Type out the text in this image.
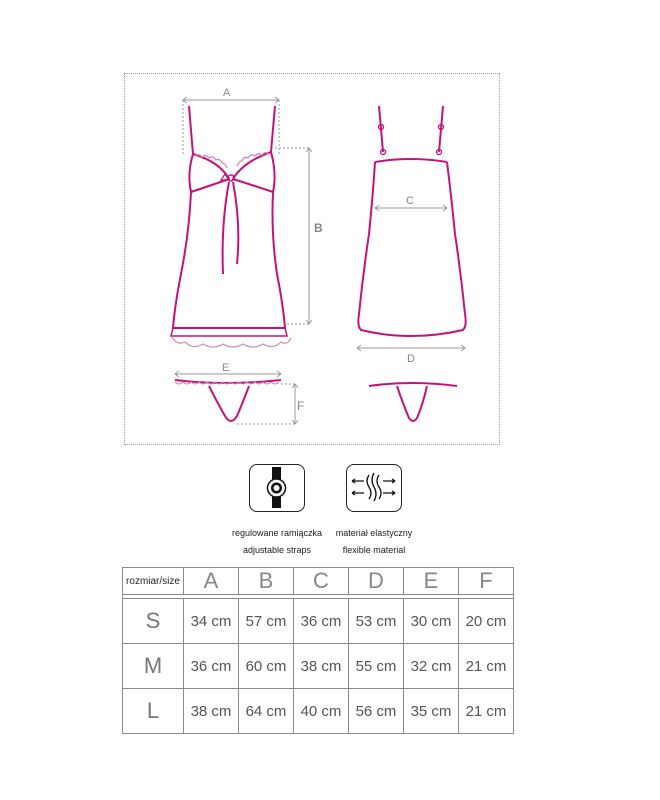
A
B
C
D
E
F
regulowane ramiączka
adjustable straps
materiał elastyczny
flexible material
rozmiar/size	A	B	C	D	E	F

S	34 cm	57 cm	36 cm	53 cm	30 cm	20 cm
M	36 cm	60 cm	38 cm	55 cm	32 cm	21 cm
L	38 cm	64 cm	40 cm	56 cm	35 cm	21 cm
